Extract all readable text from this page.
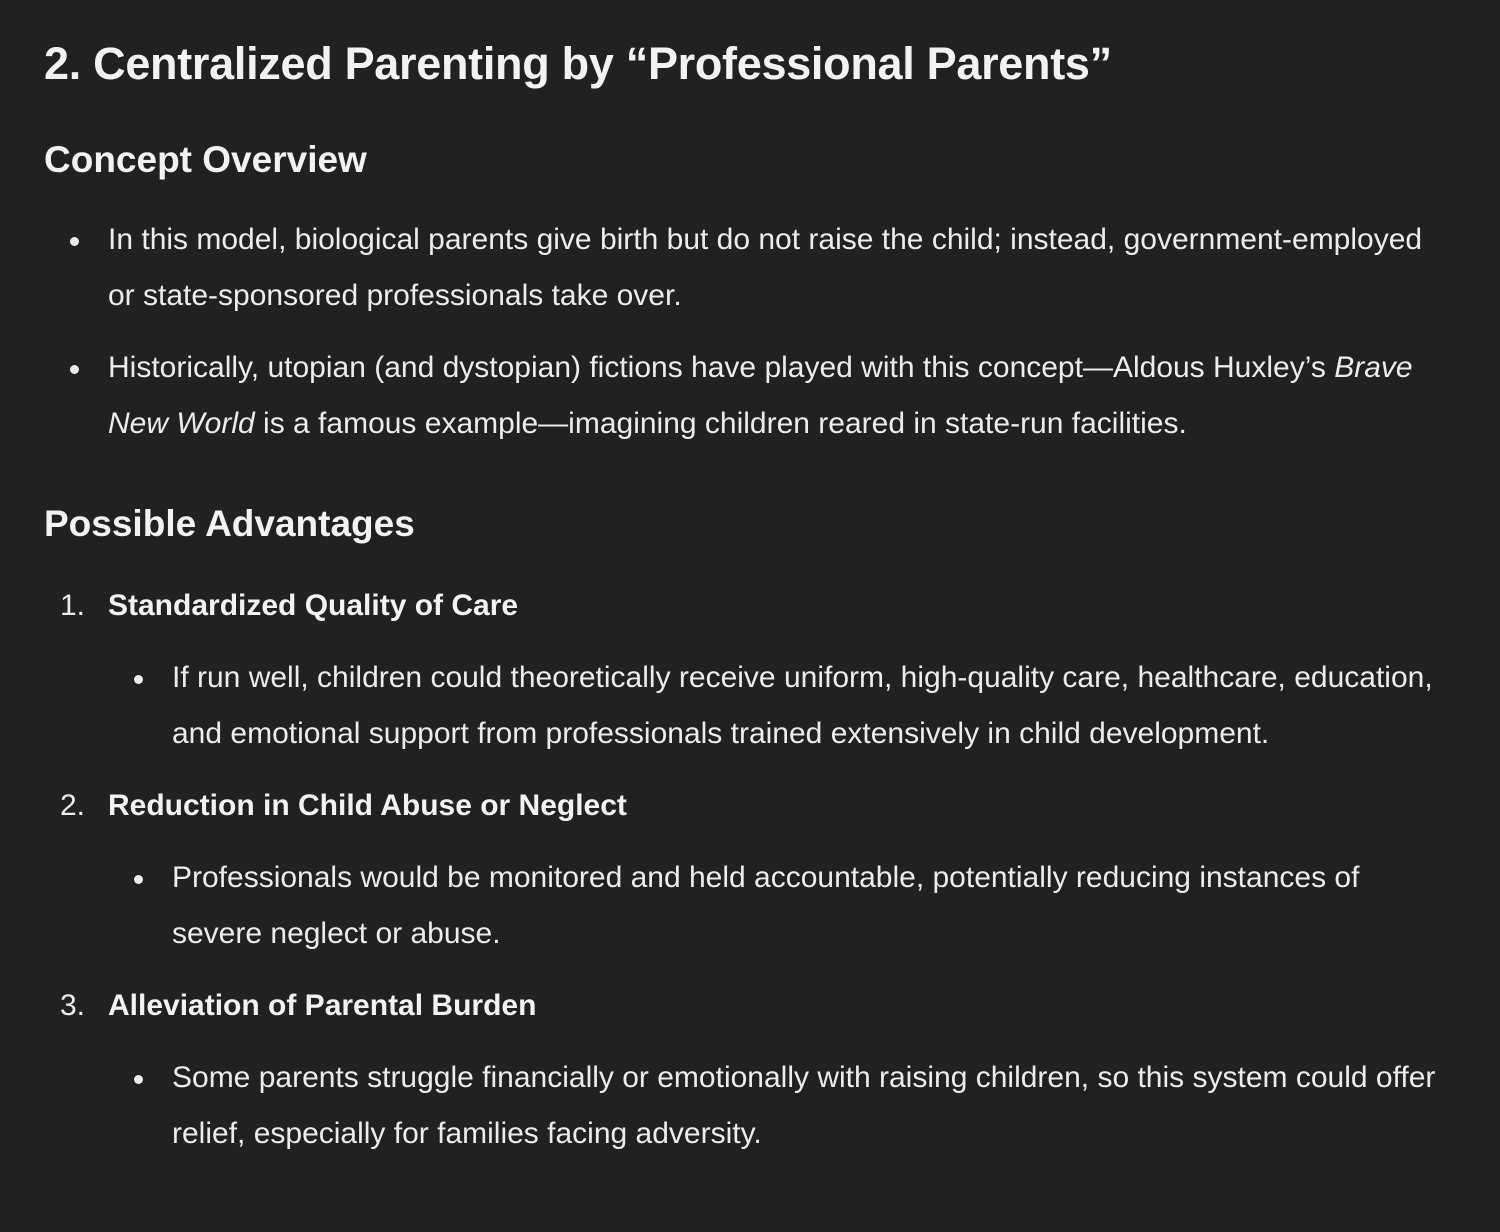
2. Centralized Parenting by “Professional Parents”
Concept Overview
In this model, biological parents give birth but do not raise the child; instead, government-employed or state-sponsored professionals take over.
Historically, utopian (and dystopian) fictions have played with this concept—Aldous Huxley’s Brave New World is a famous example—imagining children reared in state-run facilities.
Possible Advantages
1. Standardized Quality of Care
If run well, children could theoretically receive uniform, high-quality care, healthcare, education, and emotional support from professionals trained extensively in child development.
2. Reduction in Child Abuse or Neglect
Professionals would be monitored and held accountable, potentially reducing instances of severe neglect or abuse.
3. Alleviation of Parental Burden
Some parents struggle financially or emotionally with raising children, so this system could offer relief, especially for families facing adversity.
